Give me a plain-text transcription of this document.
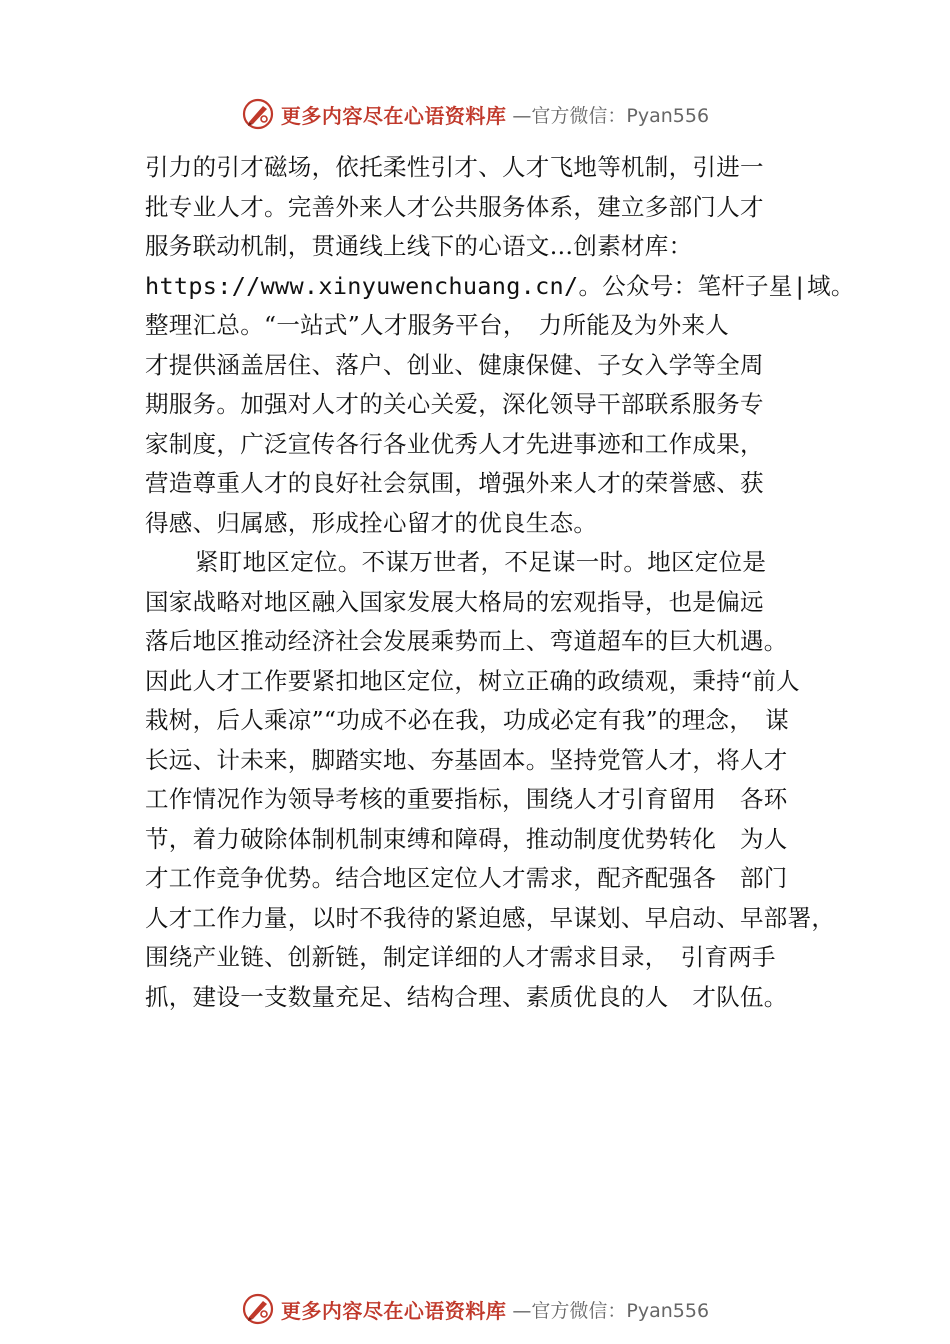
更多内容尽在心语资料库 —官方微信：Pyan556
引力的引才磁场，依托柔性引才、人才飞地等机制，引进一
批专业人才。完善外来人才公共服务体系，建立多部门人才
服务联动机制，贯通线上线下的心语文…创素材库：
https://www.xinyuwenchuang.cn/。公众号：笔杆子星|域。
整理汇总。“一站式”人才服务平台，　力所能及为外来人
才提供涵盖居住、落户、创业、健康保健、子女入学等全周
期服务。加强对人才的关心关爱，深化领导干部联系服务专
家制度，广泛宣传各行各业优秀人才先进事迹和工作成果，
营造尊重人才的良好社会氛围，增强外来人才的荣誉感、获
得感、归属感，形成拴心留才的优良生态。
紧盯地区定位。不谋万世者，不足谋一时。地区定位是
国家战略对地区融入国家发展大格局的宏观指导，也是偏远
落后地区推动经济社会发展乘势而上、弯道超车的巨大机遇。
因此人才工作要紧扣地区定位，树立正确的政绩观，秉持“前人
栽树，后人乘凉”“功成不必在我，功成必定有我”的理念，　谋
长远、计未来，脚踏实地、夯基固本。坚持党管人才，将人才
工作情况作为领导考核的重要指标，围绕人才引育留用　各环
节，着力破除体制机制束缚和障碍，推动制度优势转化　为人
才工作竞争优势。结合地区定位人才需求，配齐配强各　部门
人才工作力量，以时不我待的紧迫感，早谋划、早启动、早部署，
围绕产业链、创新链，制定详细的人才需求目录，　引育两手
抓，建设一支数量充足、结构合理、素质优良的人　才队伍。
更多内容尽在心语资料库 —官方微信：Pyan556
